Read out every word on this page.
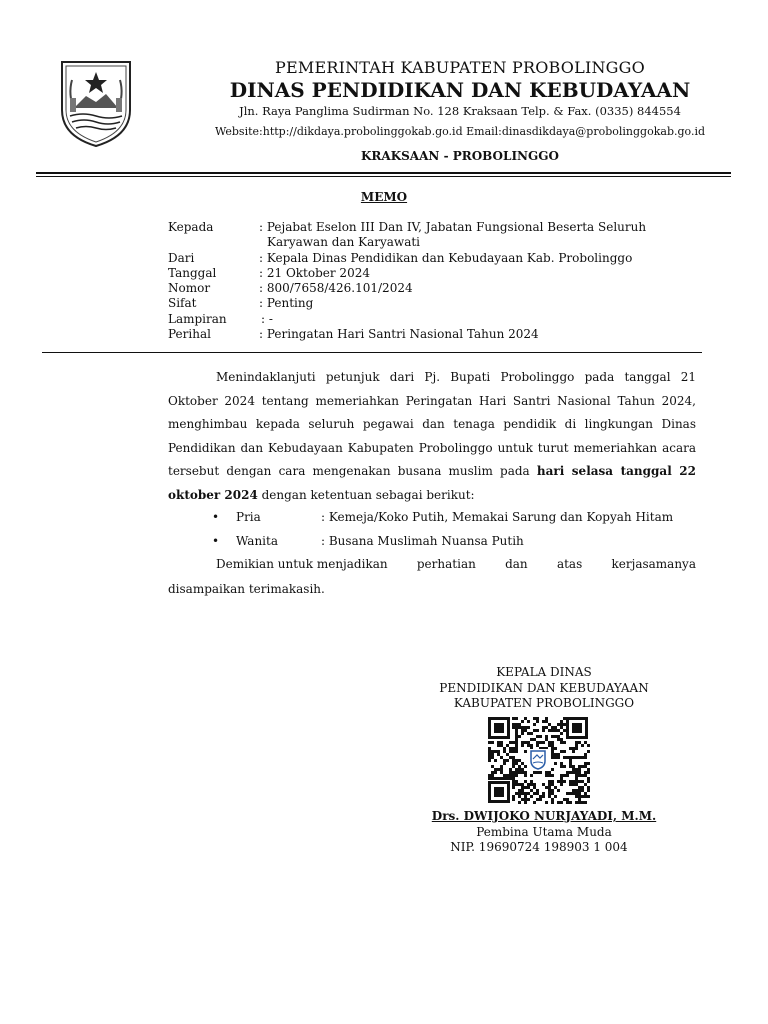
PEMERINTAH KABUPATEN PROBOLINGGO
DINAS PENDIDIKAN DAN KEBUDAYAAN
Jln. Raya Panglima Sudirman No. 128 Kraksaan Telp. & Fax. (0335) 844554
Website:http://dikdaya.probolinggokab.go.id Email:dinasdikdaya@probolinggokab.go.id
KRAKSAAN - PROBOLINGGO
MEMO
Kepada	: Pejabat Eselon III Dan IV, Jabatan Fungsional Beserta Seluruh
Karyawan dan Karyawati
Dari	: Kepala Dinas Pendidikan dan Kebudayaan Kab. Probolinggo
Tanggal	: 21 Oktober 2024
Nomor	: 800/7658/426.101/2024
Sifat	: Penting
Lampiran	: -
Perihal	: Peringatan Hari Santri Nasional Tahun 2024

Menindaklanjuti petunjuk dari Pj. Bupati Probolinggo pada tanggal 21 Oktober 2024 tentang memeriahkan Peringatan Hari Santri Nasional Tahun 2024, menghimbau kepada seluruh pegawai dan tenaga pendidik di lingkungan Dinas Pendidikan dan Kebudayaan Kabupaten Probolinggo untuk turut memeriahkan acara tersebut dengan cara mengenakan busana muslim pada hari selasa tanggal 22 oktober 2024 dengan ketentuan sebagai berikut:

• Pria	: Kemeja/Koko Putih, Memakai Sarung dan Kopyah Hitam
• Wanita	: Busana Muslimah Nuansa Putih
Demikian untuk menjadikan perhatian dan atas kerjasamanya
disampaikan terimakasih.
KEPALA DINAS
PENDIDIKAN DAN KEBUDAYAAN
KABUPATEN PROBOLINGGO
Drs. DWIJOKO NURJAYADI, M.M.
Pembina Utama Muda
NIP. 19690724 198903 1 004
